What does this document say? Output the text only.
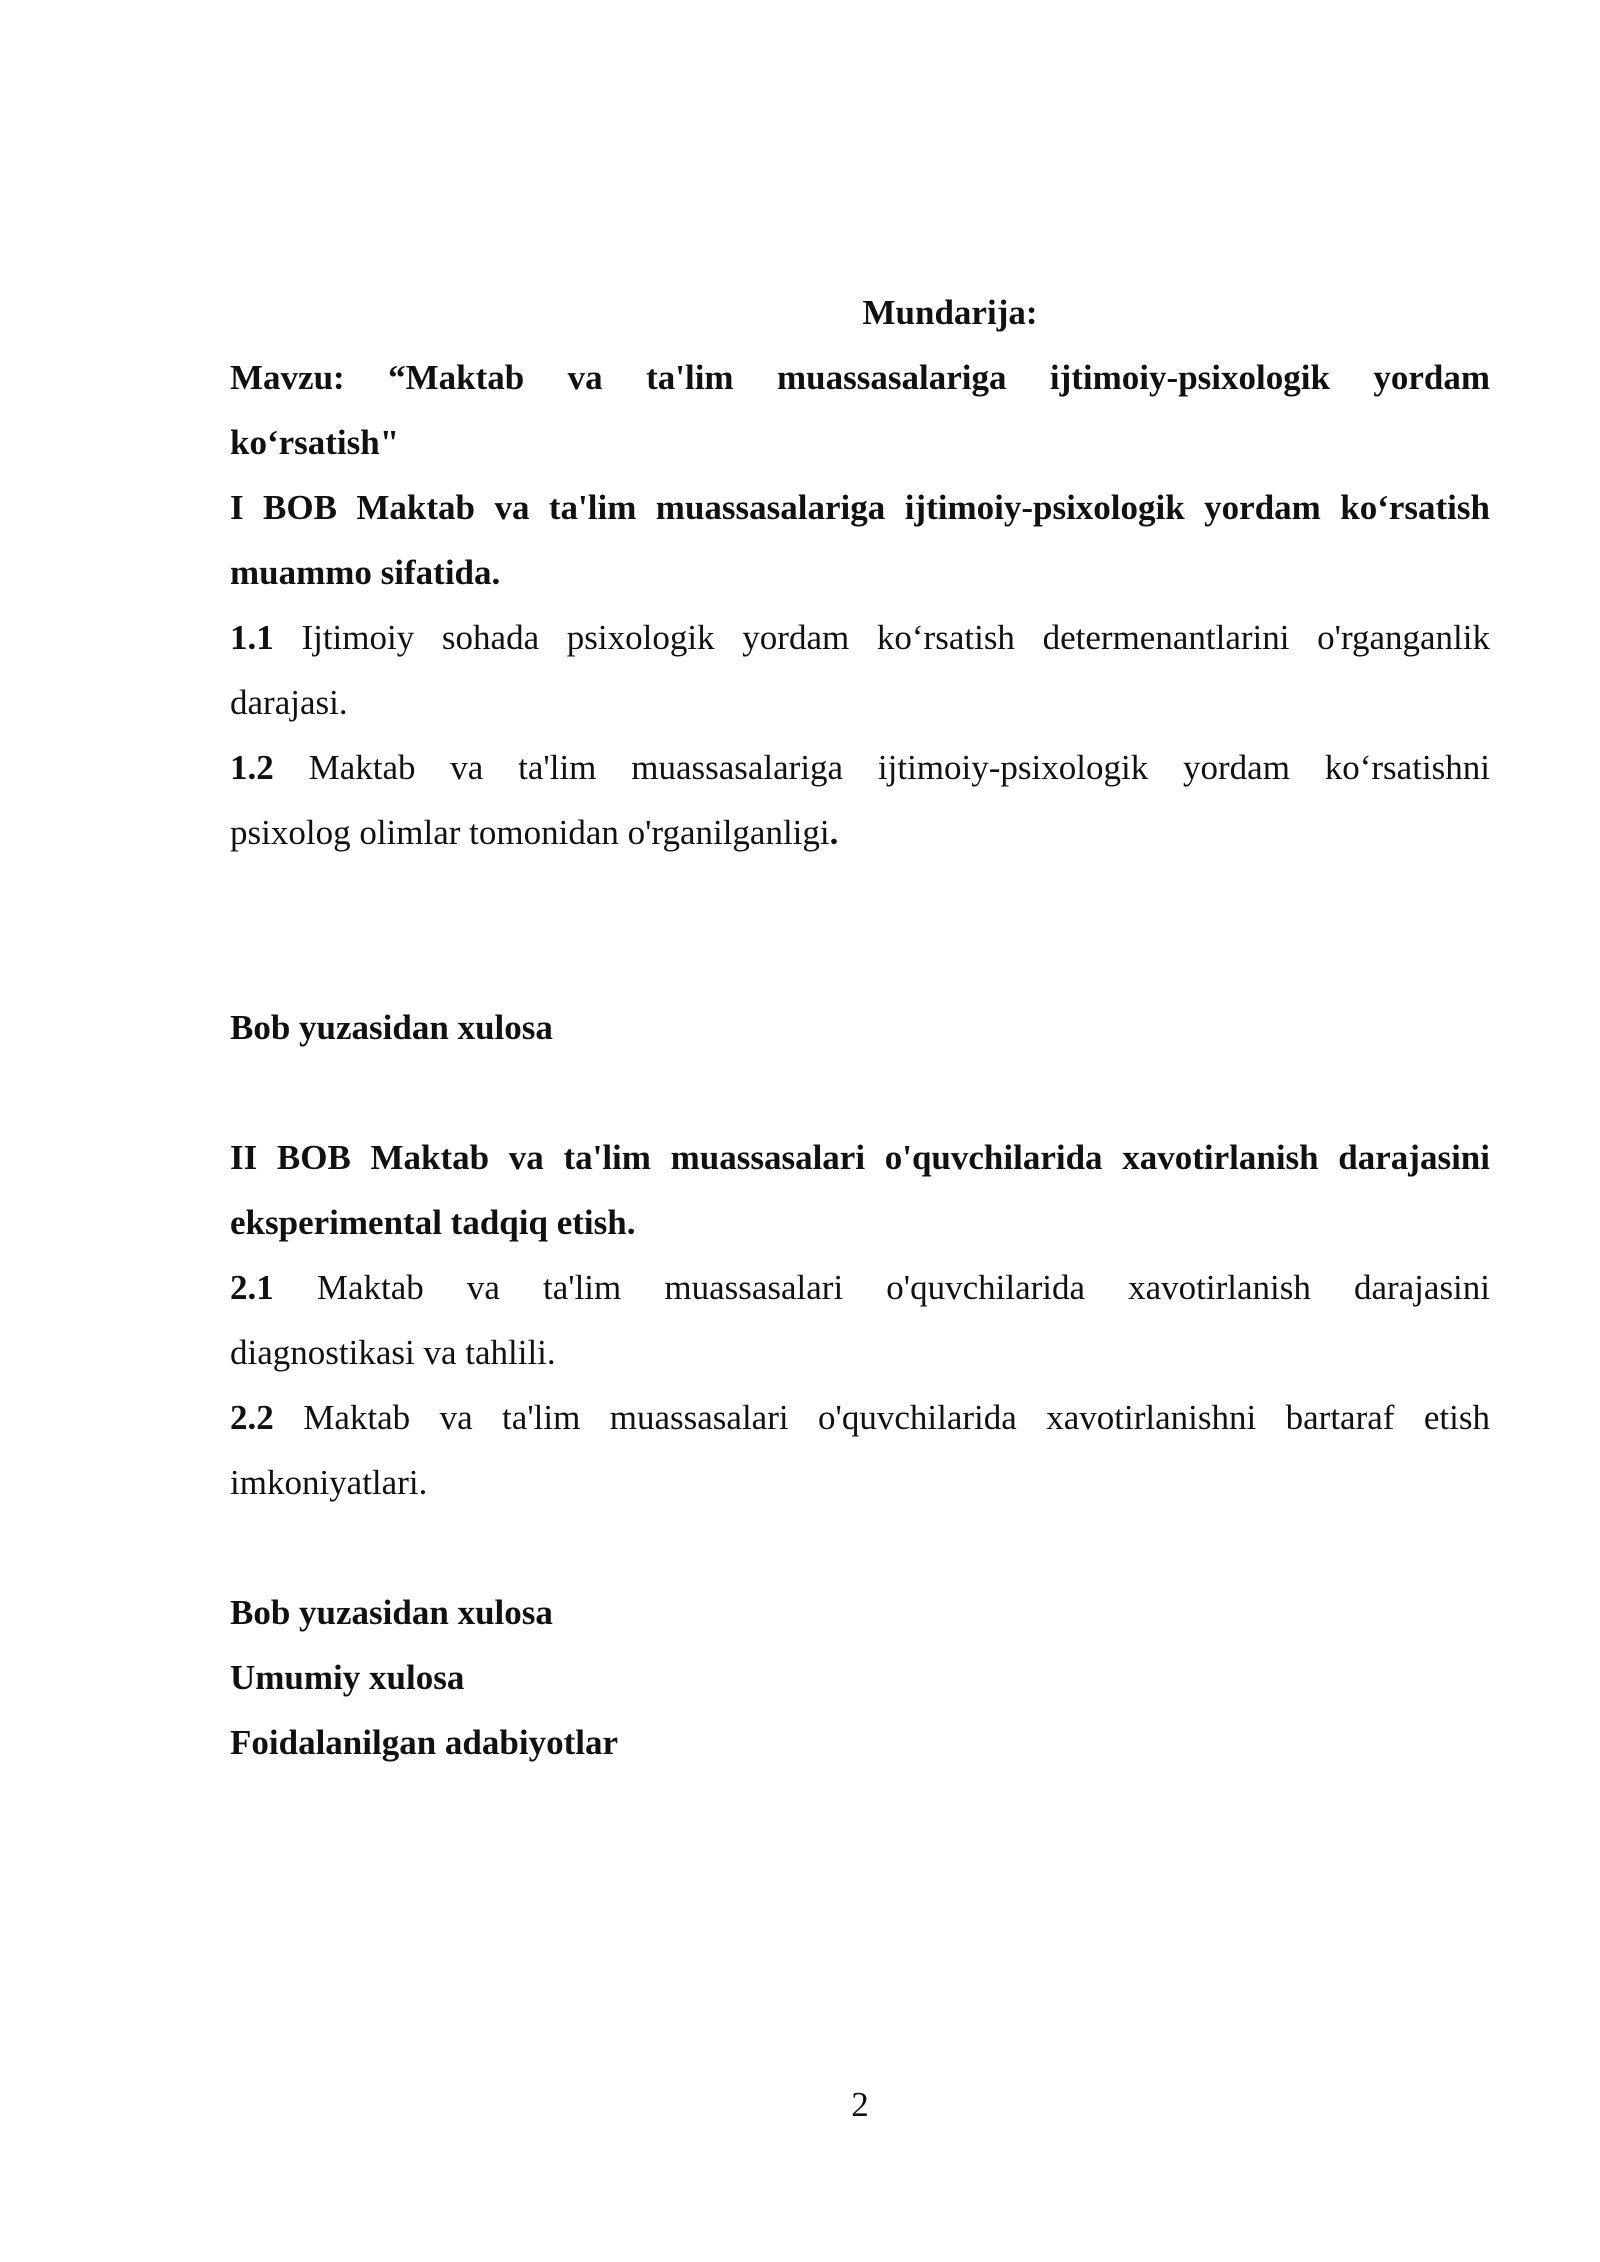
Mundarija:

Mavzu: “Maktab va ta'lim muassasalariga ijtimoiy-psixologik yordam
ko‘rsatish"

I BOB Maktab va ta'lim muassasalariga ijtimoiy-psixologik yordam ko‘rsatish
muammo sifatida.

1.1 Ijtimoiy sohada psixologik yordam ko‘rsatish determenantlarini o'rganganlik
darajasi.

1.2 Maktab va ta'lim muassasalariga ijtimoiy-psixologik yordam ko‘rsatishni
psixolog olimlar tomonidan o'rganilganligi.

Bob yuzasidan xulosa

II BOB Maktab va ta'lim muassasalari o'quvchilarida xavotirlanish darajasini
eksperimental tadqiq etish.

2.1 Maktab va ta'lim muassasalari o'quvchilarida xavotirlanish darajasini
diagnostikasi va tahlili.

2.2 Maktab va ta'lim muassasalari o'quvchilarida xavotirlanishni bartaraf etish
imkoniyatlari.

Bob yuzasidan xulosa

Umumiy xulosa

Foidalanilgan adabiyotlar

2
